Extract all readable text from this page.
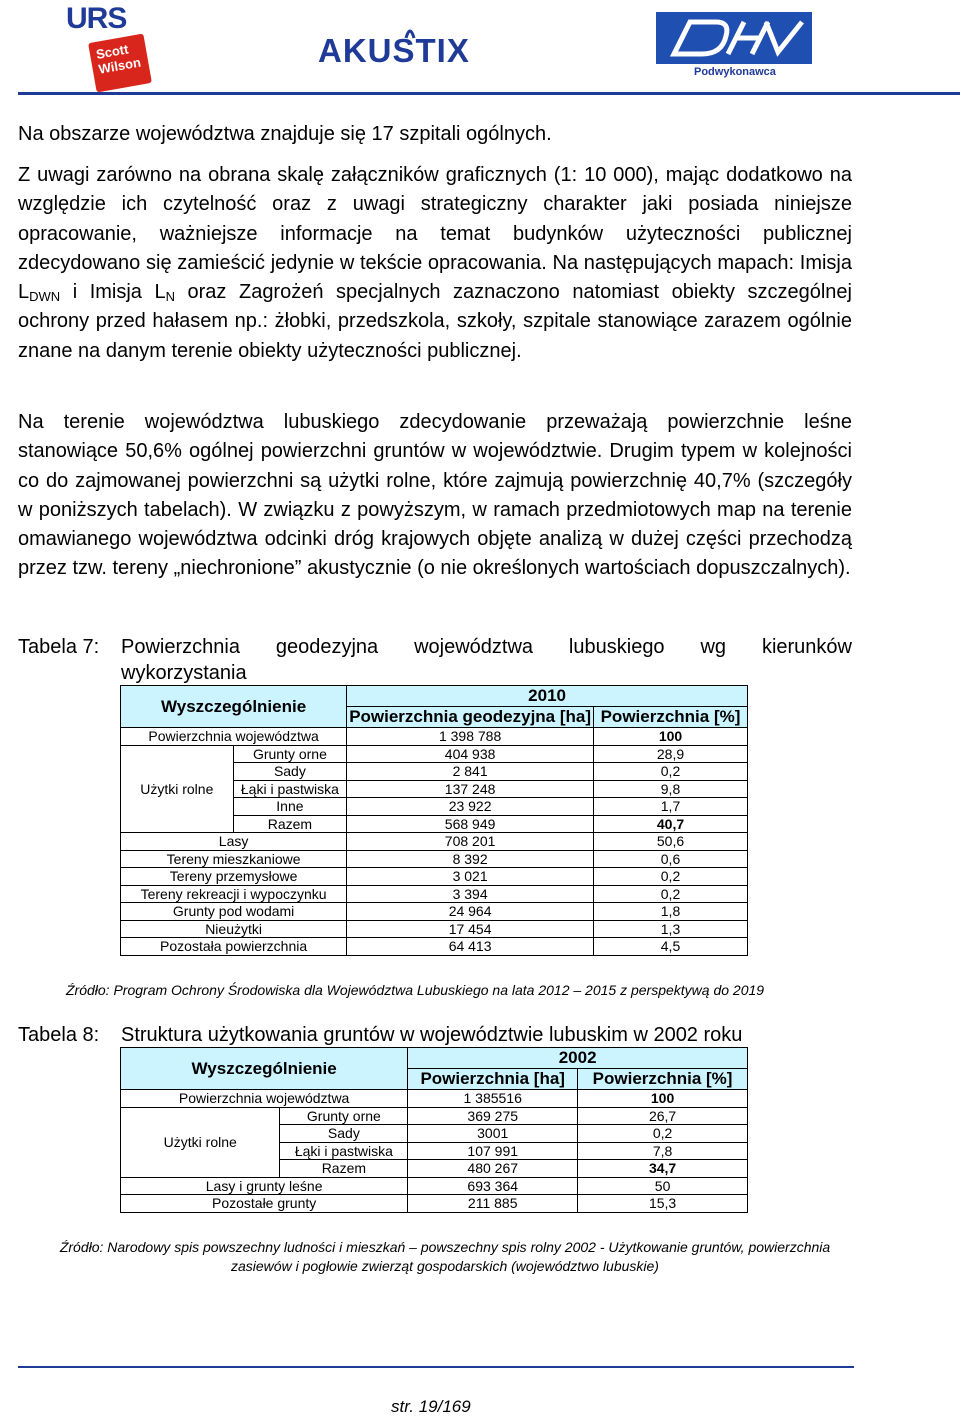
URS
Scott Wilson	AKUSTIX
Podwykonawca
Na obszarze województwa znajduje się 17 szpitali ogólnych.
Z uwagi zarówno na obrana skalę załączników graficznych (1: 10 000), mając dodatkowo na względzie ich czytelność oraz z uwagi strategiczny charakter jaki posiada niniejsze opracowanie, ważniejsze informacje na temat budynków użyteczności publicznej zdecydowano się zamieścić jedynie w tekście opracowania. Na następujących mapach: Imisja $L_{DWN}$ i Imisja $L_N$ oraz Zagrożeń specjalnych zaznaczono natomiast obiekty szczególnej ochrony przed hałasem np.: żłobki, przedszkola, szkoły, szpitale stanowiące zarazem ogólnie znane na danym terenie obiekty użyteczności publicznej.
Na terenie województwa lubuskiego zdecydowanie przeważają powierzchnie leśne stanowiące 50,6% ogólnej powierzchni gruntów w województwie. Drugim typem w kolejności co do zajmowanej powierzchni są użytki rolne, które zajmują powierzchnię 40,7% (szczegóły w poniższych tabelach). W związku z powyższym, w ramach przedmiotowych map na terenie omawianego województwa odcinki dróg krajowych objęte analizą w dużej części przechodzą przez tzw. tereny „niechronione” akustycznie (o nie określonych wartościach dopuszczalnych).
Tabela 7: Powierzchnia geodezyjna województwa lubuskiego wg kierunków
wykorzystania
Wyszczególnienie		2010	
		Powierzchnia geodezyjna [ha]	Powierzchnia [%]
Powierzchnia województwa		1 398 788	100
Użytki rolne	Grunty orne	404 938	28,9
	Sady	2 841	0,2
	Łąki i pastwiska	137 248	9,8
	Inne	23 922	1,7
	Razem	568 949	40,7
Lasy		708 201	50,6
Tereny mieszkaniowe		8 392	0,6
Tereny przemysłowe		3 021	0,2
Tereny rekreacji i wypoczynku		3 394	0,2
Grunty pod wodami		24 964	1,8
Nieużytki		17 454	1,3
Pozostała powierzchnia		64 413	4,5
Źródło: Program Ochrony Środowiska dla Województwa Lubuskiego na lata 2012 – 2015 z perspektywą do 2019
Tabela 8: Struktura użytkowania gruntów w województwie lubuskim w 2002 roku
Wyszczególnienie		2002	
		Powierzchnia [ha]	Powierzchnia [%]
Powierzchnia województwa		1 385516	100
Użytki rolne	Grunty orne	369 275	26,7
	Sady	3001	0,2
	Łąki i pastwiska	107 991	7,8
	Razem	480 267	34,7
Lasy i grunty leśne		693 364	50
Pozostałe grunty		211 885	15,3
Źródło: Narodowy spis powszechny ludności i mieszkań – powszechny spis rolny 2002 - Użytkowanie gruntów, powierzchnia
zasiewów i pogłowie zwierząt gospodarskich (województwo lubuskie)
str. 19/169
